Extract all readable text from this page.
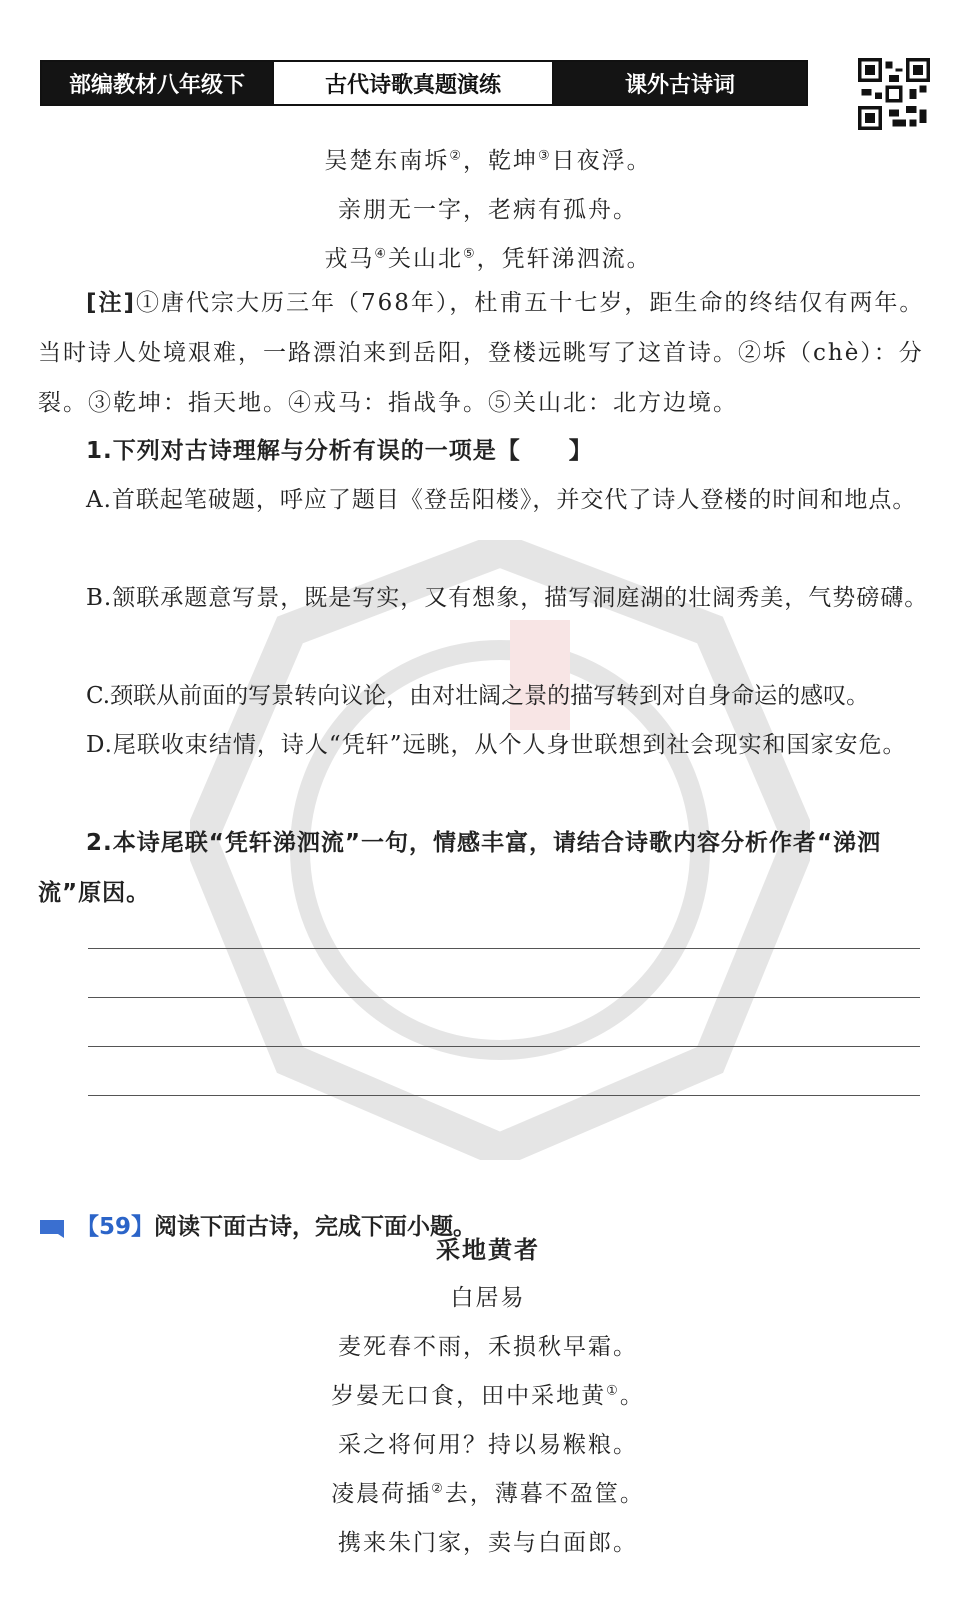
部编教材八年级下	古代诗歌真题演练	课外古诗词
吴楚东南坼②，乾坤③日夜浮。
亲朋无一字，老病有孤舟。
戎马④关山北⑤，凭轩涕泗流。
[注]①唐代宗大历三年（768年），杜甫五十七岁，距生命的终结仅有两年。当时诗人处境艰难，一路漂泊来到岳阳，登楼远眺写了这首诗。②坼（chè）：分裂。③乾坤：指天地。④戎马：指战争。⑤关山北：北方边境。
1.下列对古诗理解与分析有误的一项是【　　】
A.首联起笔破题，呼应了题目《登岳阳楼》，并交代了诗人登楼的时间和地点。
B.颔联承题意写景，既是写实，又有想象，描写洞庭湖的壮阔秀美，气势磅礴。
C.颈联从前面的写景转向议论，由对壮阔之景的描写转到对自身命运的感叹。
D.尾联收束结情，诗人“凭轩”远眺，从个人身世联想到社会现实和国家安危。
2.本诗尾联“凭轩涕泗流”一句，情感丰富，请结合诗歌内容分析作者“涕泗流”原因。
【59】阅读下面古诗，完成下面小题。
采地黄者
白居易
麦死春不雨，禾损秋早霜。
岁晏无口食，田中采地黄①。
采之将何用？持以易糇粮。
凌晨荷插②去，薄暮不盈筐。
携来朱门家，卖与白面郎。
